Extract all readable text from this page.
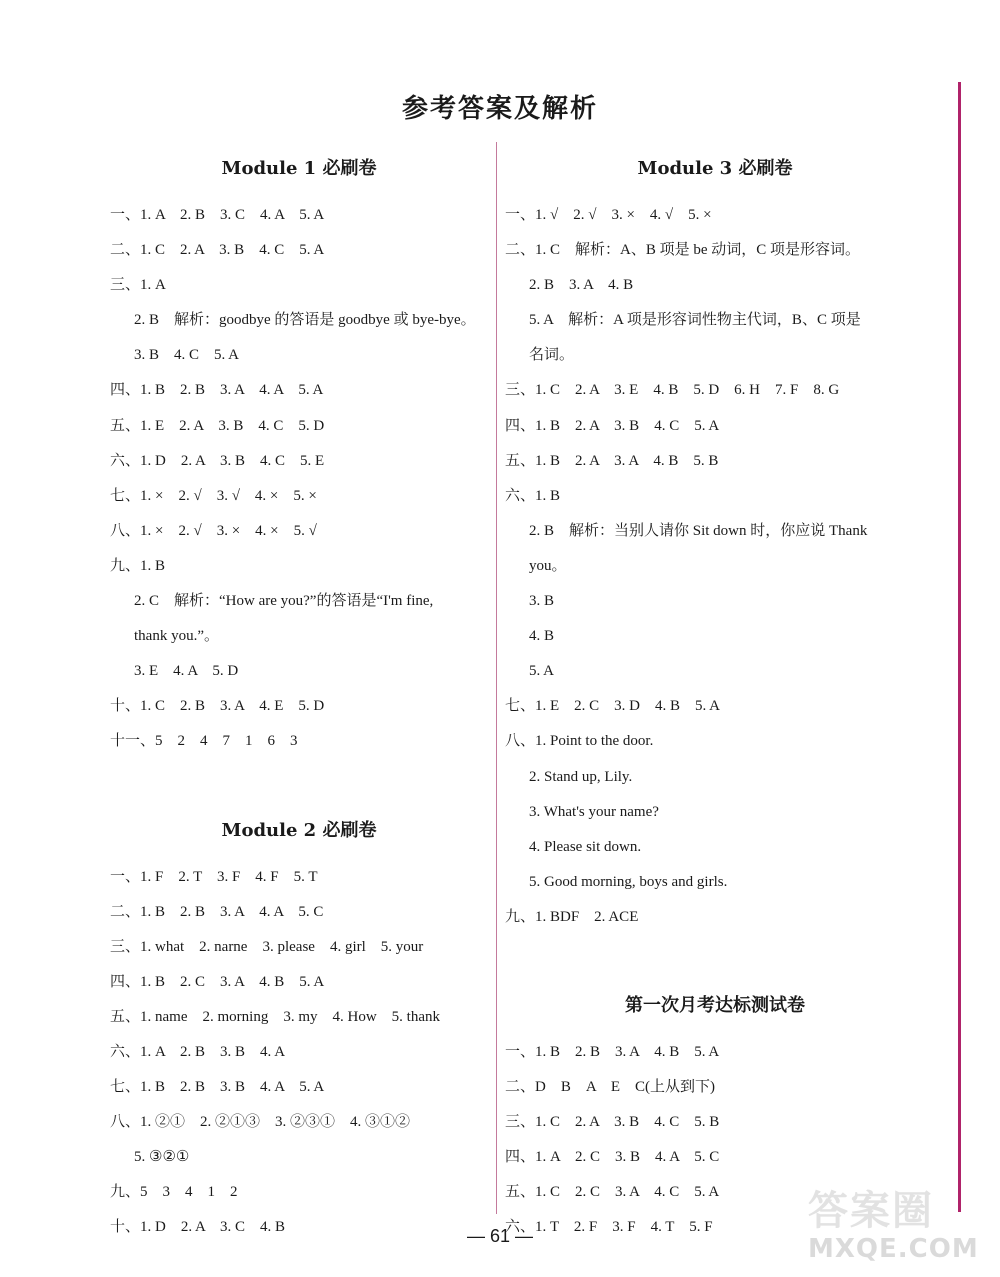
参考答案及解析
Module 1 必刷卷
一、1. A　2. B　3. C　4. A　5. A
二、1. C　2. A　3. B　4. C　5. A
三、1. A
2. B　解析：goodbye 的答语是 goodbye 或 bye-bye。
3. B　4. C　5. A
四、1. B　2. B　3. A　4. A　5. A
五、1. E　2. A　3. B　4. C　5. D
六、1. D　2. A　3. B　4. C　5. E
七、1. ×　2. √　3. √　4. ×　5. ×
八、1. ×　2. √　3. ×　4. ×　5. √
九、1. B
2. C　解析：“How are you?”的答语是“I'm fine,
thank you.”。
3. E　4. A　5. D
十、1. C　2. B　3. A　4. E　5. D
十一、5　2　4　7　1　6　3
Module 2 必刷卷
一、1. F　2. T　3. F　4. F　5. T
二、1. B　2. B　3. A　4. A　5. C
三、1. what　2. narne　3. please　4. girl　5. your
四、1. B　2. C　3. A　4. B　5. A
五、1. name　2. morning　3. my　4. How　5. thank
六、1. A　2. B　3. B　4. A
七、1. B　2. B　3. B　4. A　5. A
八、1. ②①　2. ②①③　3. ②③①　4. ③①②
5. ③②①
九、5　3　4　1　2
十、1. D　2. A　3. C　4. B
Module 3 必刷卷
一、1. √　2. √　3. ×　4. √　5. ×
二、1. C　解析：A、B 项是 be 动词，C 项是形容词。
2. B　3. A　4. B
5. A　解析：A 项是形容词性物主代词，B、C 项是
名词。
三、1. C　2. A　3. E　4. B　5. D　6. H　7. F　8. G
四、1. B　2. A　3. B　4. C　5. A
五、1. B　2. A　3. A　4. B　5. B
六、1. B
2. B　解析：当别人请你 Sit down 时，你应说 Thank
you。
3. B
4. B
5. A
七、1. E　2. C　3. D　4. B　5. A
八、1. Point to the door.
2. Stand up, Lily.
3. What's your name?
4. Please sit down.
5. Good morning, boys and girls.
九、1. BDF　2. ACE
第一次月考达标测试卷
一、1. B　2. B　3. A　4. B　5. A
二、D　B　A　E　C(上从到下)
三、1. C　2. A　3. B　4. C　5. B
四、1. A　2. C　3. B　4. A　5. C
五、1. C　2. C　3. A　4. C　5. A
六、1. T　2. F　3. F　4. T　5. F
— 61 —
答案圈
MXQE.COM
